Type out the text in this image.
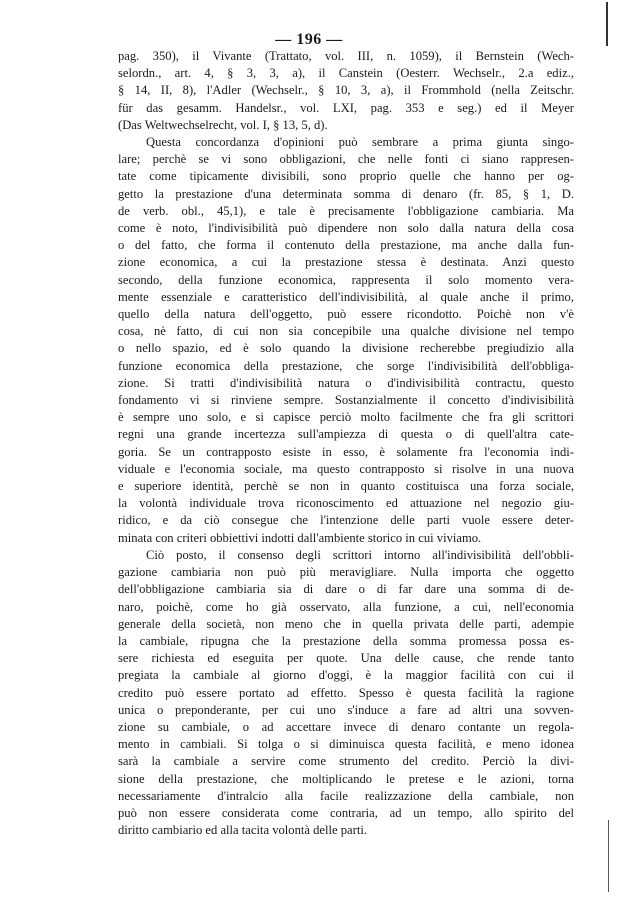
— 196 —

pag. 350), il Vivante (Trattato, vol. III, n. 1059), il Bernstein (Wech-

selordn., art. 4, § 3, 3, a), il Canstein (Oesterr. Wechselr., 2.a ediz.,

§ 14, II, 8), l'Adler (Wechselr., § 10, 3, a), il Frommhold (nella Zeitschr.

für das gesamm. Handelsr., vol. LXI, pag. 353 e seg.) ed il Meyer

(Das Weltwechselrecht, vol. I, § 13, 5, d).

Questa concordanza d'opinioni può sembrare a prima giunta singo-

lare; perchè se vi sono obbligazioni, che nelle fonti ci siano rappresen-

tate come tipicamente divisibili, sono proprio quelle che hanno per og-

getto la prestazione d'una determinata somma di denaro (fr. 85, § 1, D.

de verb. obl., 45,1), e tale è precisamente l'obbligazione cambiaria. Ma

come è noto, l'indivisibilità può dipendere non solo dalla natura della cosa

o del fatto, che forma il contenuto della prestazione, ma anche dalla fun-

zione economica, a cui la prestazione stessa è destinata. Anzi questo

secondo, della funzione economica, rappresenta il solo momento vera-

mente essenziale e caratteristico dell'indivisibilità, al quale anche il primo,

quello della natura dell'oggetto, può essere ricondotto. Poichè non v'è

cosa, nè fatto, di cui non sia concepibile una qualche divisione nel tempo

o nello spazio, ed è solo quando la divisione recherebbe pregiudizio alla

funzione economica della prestazione, che sorge l'indivisibilità dell'obbliga-

zione. Si tratti d'indivisibilità natura o d'indivisibilità contractu, questo

fondamento vi si rinviene sempre. Sostanzialmente il concetto d'indivisibilità

è sempre uno solo, e si capisce perciò molto facilmente che fra gli scrittori

regni una grande incertezza sull'ampiezza di questa o di quell'altra cate-

goria. Se un contrapposto esiste in esso, è solamente fra l'economia indi-

viduale e l'economia sociale, ma questo contrapposto si risolve in una nuova

e superiore identità, perchè se non in quanto costituisca una forza sociale,

la volontà individuale trova riconoscimento ed attuazione nel negozio giu-

ridico, e da ciò consegue che l'intenzione delle parti vuole essere deter-

minata con criteri obbiettivi indotti dall'ambiente storico in cui viviamo.

Ciò posto, il consenso degli scrittori intorno all'indivisibilità dell'obbli-

gazione cambiaria non può più meravigliare. Nulla importa che oggetto

dell'obbligazione cambiaria sia di dare o di far dare una somma di de-

naro, poichè, come ho già osservato, alla funzione, a cui, nell'economia

generale della società, non meno che in quella privata delle parti, adempie

la cambiale, ripugna che la prestazione della somma promessa possa es-

sere richiesta ed eseguita per quote. Una delle cause, che rende tanto

pregiata la cambiale al giorno d'oggi, è la maggior facilità con cui il

credito può essere portato ad effetto. Spesso è questa facilità la ragione

unica o preponderante, per cui uno s'induce a fare ad altri una sovven-

zione su cambiale, o ad accettare invece di denaro contante un regola-

mento in cambiali. Si tolga o si diminuisca questa facilità, e meno idonea

sarà la cambiale a servire come strumento del credito. Perciò la divi-

sione della prestazione, che moltiplicando le pretese e le azioni, torna

necessariamente d'intralcio alla facile realizzazione della cambiale, non

può non essere considerata come contraria, ad un tempo, allo spirito del

diritto cambiario ed alla tacita volontà delle parti.
